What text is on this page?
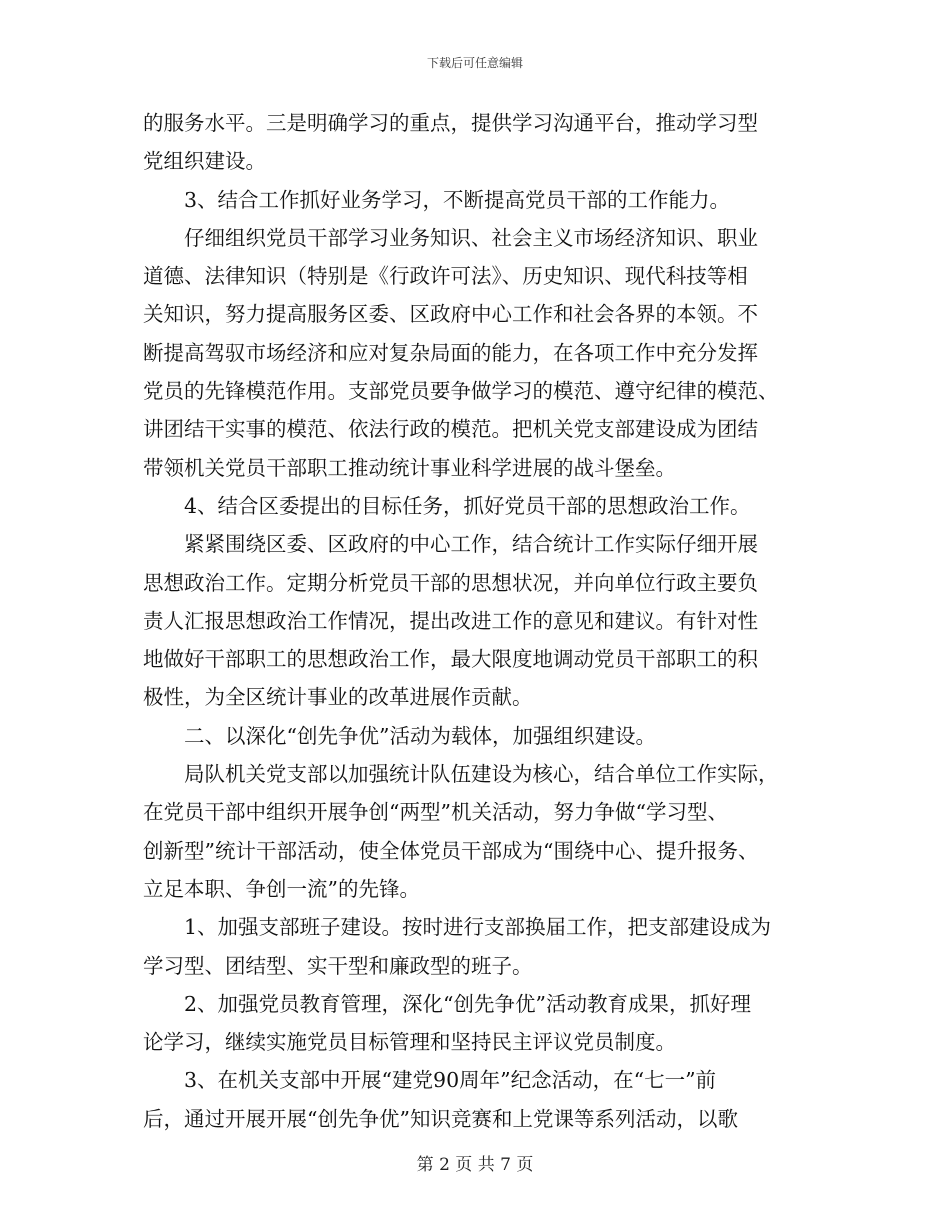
下载后可任意编辑
的服务水平。三是明确学习的重点，提供学习沟通平台，推动学习型
党组织建设。
3、结合工作抓好业务学习，不断提高党员干部的工作能力。
仔细组织党员干部学习业务知识、社会主义市场经济知识、职业
道德、法律知识（特别是《行政许可法》、历史知识、现代科技等相
关知识，努力提高服务区委、区政府中心工作和社会各界的本领。不
断提高驾驭市场经济和应对复杂局面的能力，在各项工作中充分发挥
党员的先锋模范作用。支部党员要争做学习的模范、遵守纪律的模范、
讲团结干实事的模范、依法行政的模范。把机关党支部建设成为团结
带领机关党员干部职工推动统计事业科学进展的战斗堡垒。
4、结合区委提出的目标任务，抓好党员干部的思想政治工作。
紧紧围绕区委、区政府的中心工作，结合统计工作实际仔细开展
思想政治工作。定期分析党员干部的思想状况，并向单位行政主要负
责人汇报思想政治工作情况，提出改进工作的意见和建议。有针对性
地做好干部职工的思想政治工作，最大限度地调动党员干部职工的积
极性，为全区统计事业的改革进展作贡献。
二、以深化“创先争优”活动为载体，加强组织建设。
局队机关党支部以加强统计队伍建设为核心，结合单位工作实际，
在党员干部中组织开展争创“两型”机关活动，努力争做“学习型、
创新型”统计干部活动，使全体党员干部成为“围绕中心、提升报务、
立足本职、争创一流”的先锋。
1、加强支部班子建设。按时进行支部换届工作，把支部建设成为
学习型、团结型、实干型和廉政型的班子。
2、加强党员教育管理，深化“创先争优”活动教育成果，抓好理
论学习，继续实施党员目标管理和坚持民主评议党员制度。
3、在机关支部中开展“建党90周年”纪念活动，在“七一”前
后，通过开展开展“创先争优”知识竞赛和上党课等系列活动，以歌
第 2 页 共 7 页
